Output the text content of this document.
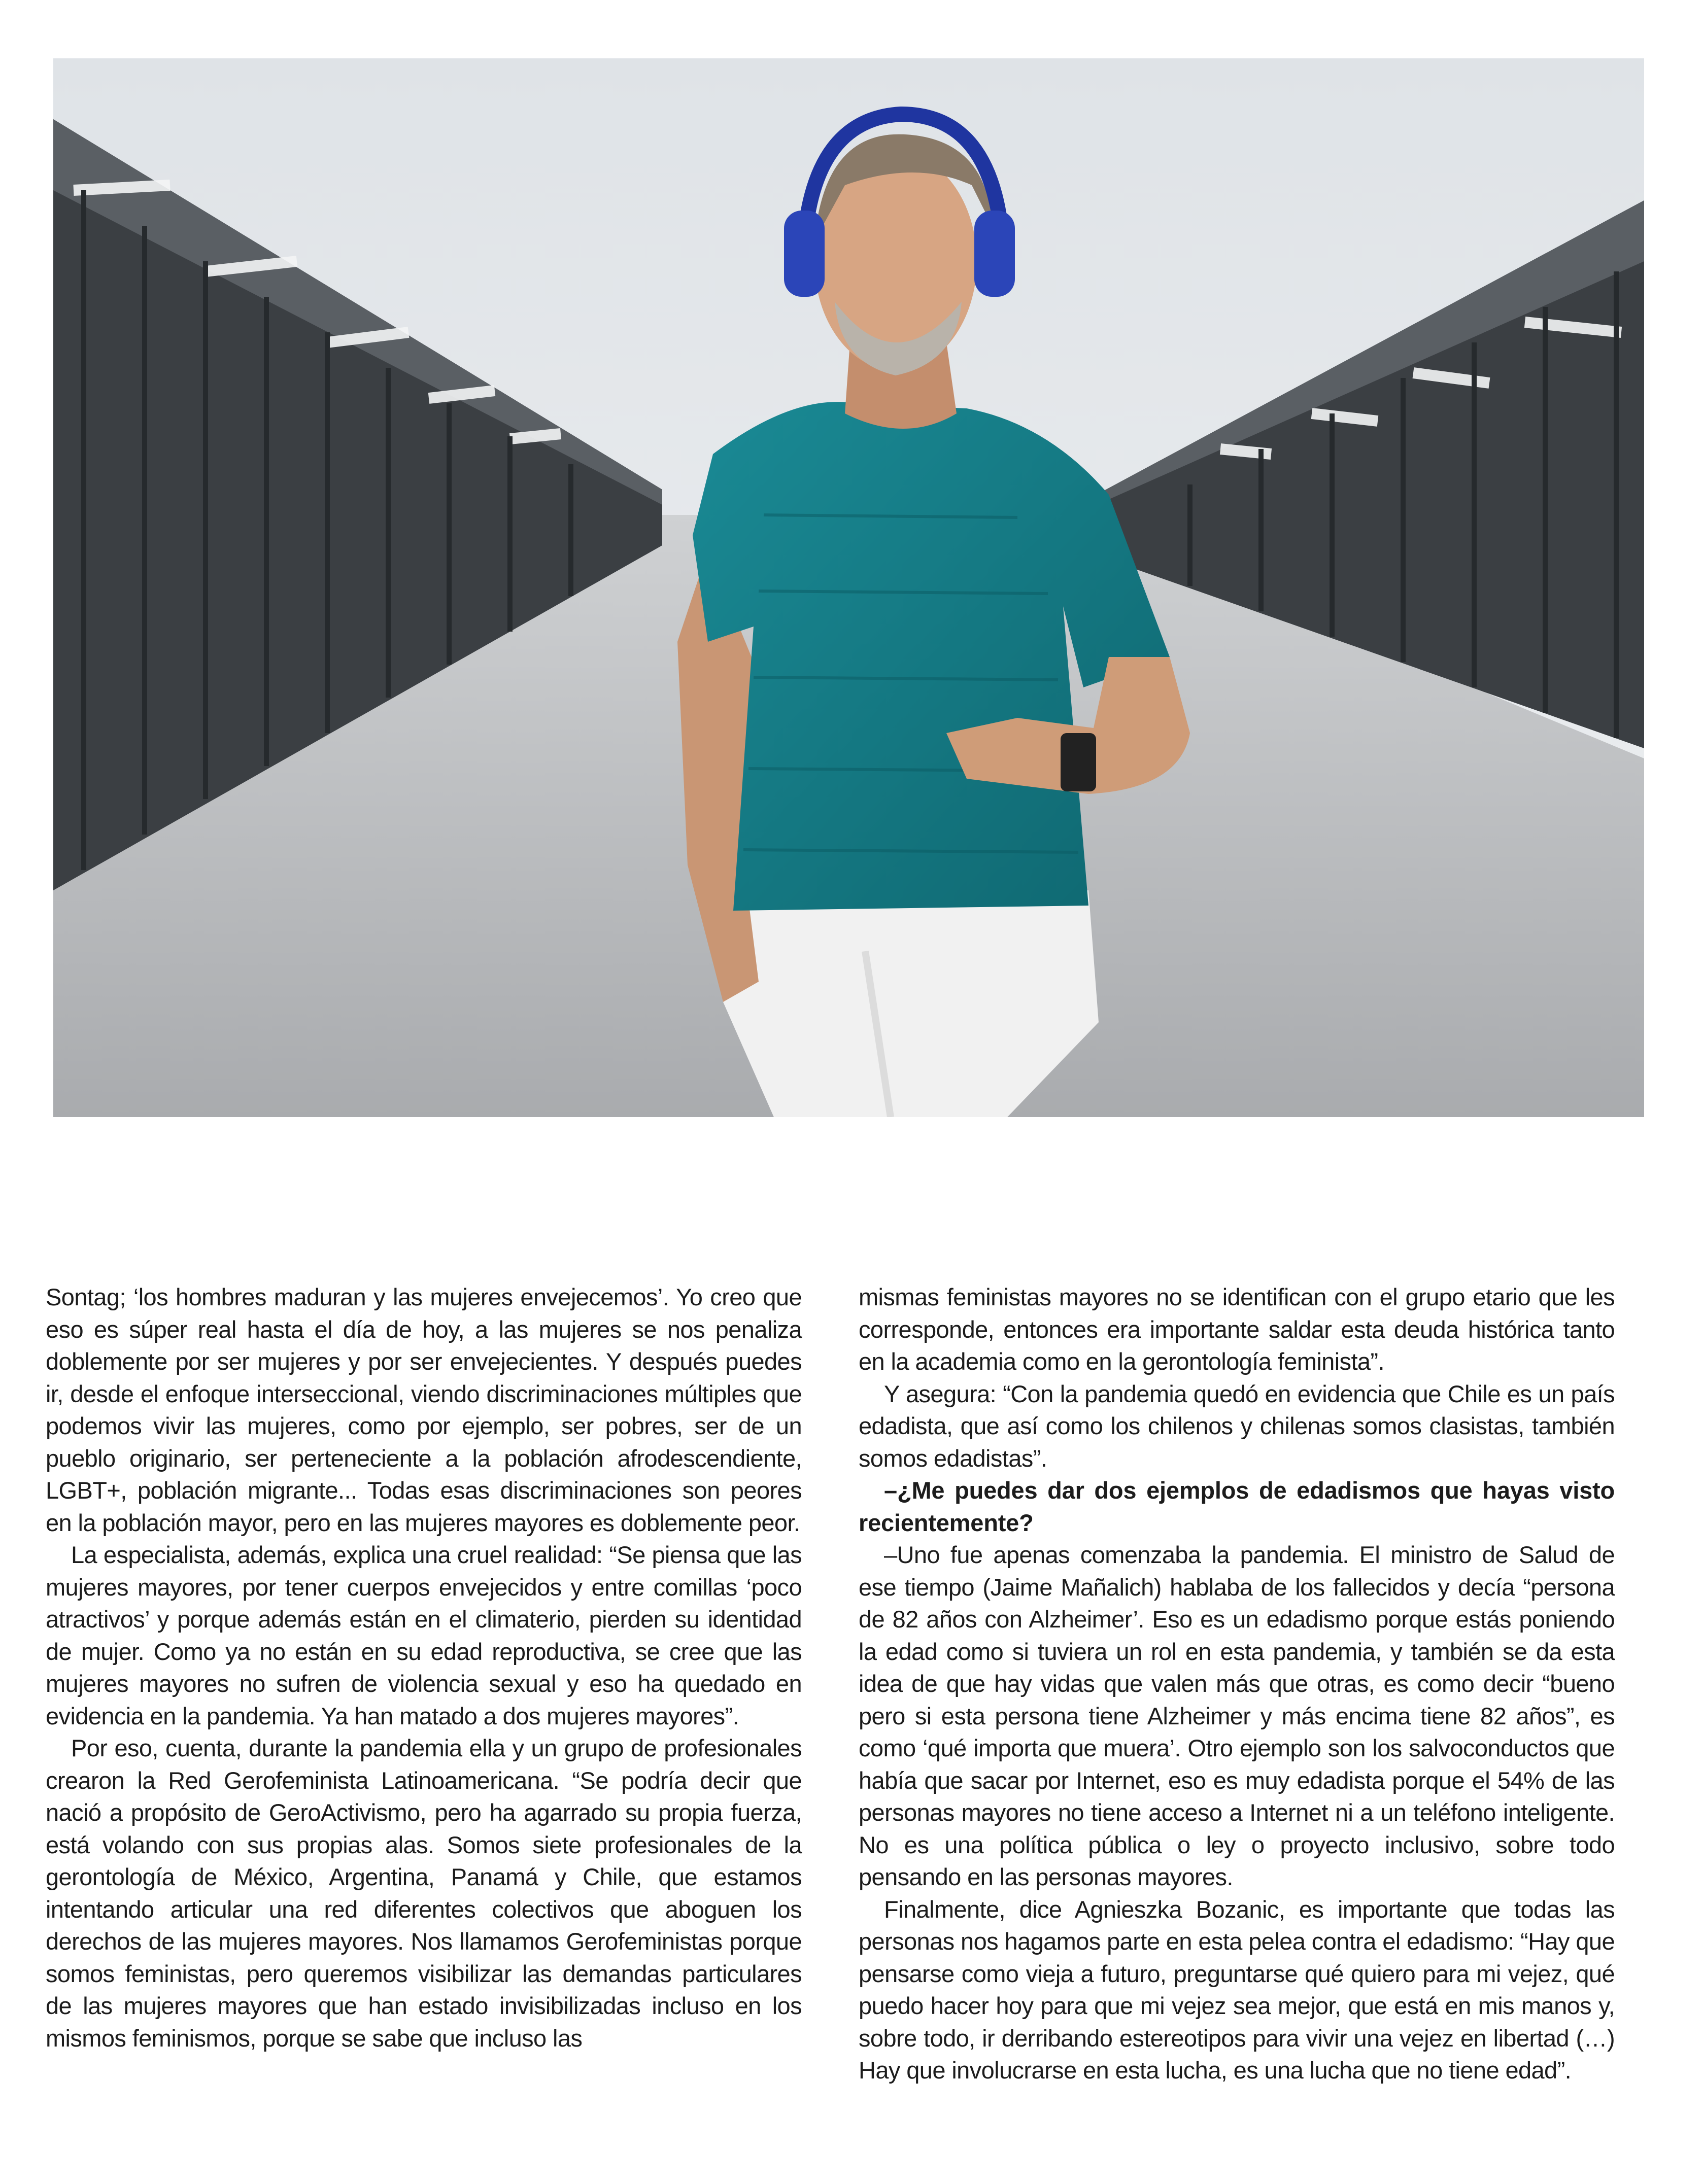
Sontag; ‘los hombres maduran y las mujeres envejecemos’. Yo creo que eso es súper real hasta el día de hoy, a las mujeres se nos penaliza doblemente por ser mujeres y por ser envejecientes. Y después puedes ir, desde el enfoque interseccional, viendo discriminaciones múltiples que podemos vivir las mujeres, como por ejemplo, ser pobres, ser de un pueblo originario, ser perteneciente a la población afrodescendiente, LGBT+, población migrante... Todas esas discriminaciones son peores en la población mayor, pero en las mujeres mayores es doblemente peor.

La especialista, además, explica una cruel realidad: “Se piensa que las mujeres mayores, por tener cuerpos envejecidos y entre comillas ‘poco atractivos’ y porque además están en el climaterio, pierden su identidad de mujer. Como ya no están en su edad reproductiva, se cree que las mujeres mayores no sufren de violencia sexual y eso ha quedado en evidencia en la pandemia. Ya han matado a dos mujeres mayores”.

Por eso, cuenta, durante la pandemia ella y un grupo de profesionales crearon la Red Gerofeminista Latinoamericana. “Se podría decir que nació a propósito de GeroActivismo, pero ha agarrado su propia fuerza, está volando con sus propias alas. Somos siete profesionales de la gerontología de México, Argentina, Panamá y Chile, que estamos intentando articular una red diferentes colectivos que aboguen los derechos de las mujeres mayores. Nos llamamos Gerofeministas porque somos feministas, pero queremos visibilizar las demandas particulares de las mujeres mayores que han estado invisibilizadas incluso en los mismos feminismos, porque se sabe que incluso las

mismas feministas mayores no se identifican con el grupo etario que les corresponde, entonces era importante saldar esta deuda histórica tanto en la academia como en la gerontología feminista”.

Y asegura: “Con la pandemia quedó en evidencia que Chile es un país edadista, que así como los chilenos y chilenas somos clasistas, también somos edadistas”.

–¿Me puedes dar dos ejemplos de edadismos que hayas visto recientemente?

–Uno fue apenas comenzaba la pandemia. El ministro de Salud de ese tiempo (Jaime Mañalich) hablaba de los fallecidos y decía “persona de 82 años con Alzheimer’. Eso es un edadismo porque estás poniendo la edad como si tuviera un rol en esta pandemia, y también se da esta idea de que hay vidas que valen más que otras, es como decir “bueno pero si esta persona tiene Alzheimer y más encima tiene 82 años”, es como ‘qué importa que muera’. Otro ejemplo son los salvoconductos que había que sacar por Internet, eso es muy edadista porque el 54% de las personas mayores no tiene acceso a Internet ni a un teléfono inteligente. No es una política pública o ley o proyecto inclusivo, sobre todo pensando en las personas mayores.

Finalmente, dice Agnieszka Bozanic, es importante que todas las personas nos hagamos parte en esta pelea contra el edadismo: “Hay que pensarse como vieja a futuro, preguntarse qué quiero para mi vejez, qué puedo hacer hoy para que mi vejez sea mejor, que está en mis manos y, sobre todo, ir derribando estereotipos para vivir una vejez en libertad (…) Hay que involucrarse en esta lucha, es una lucha que no tiene edad”.
